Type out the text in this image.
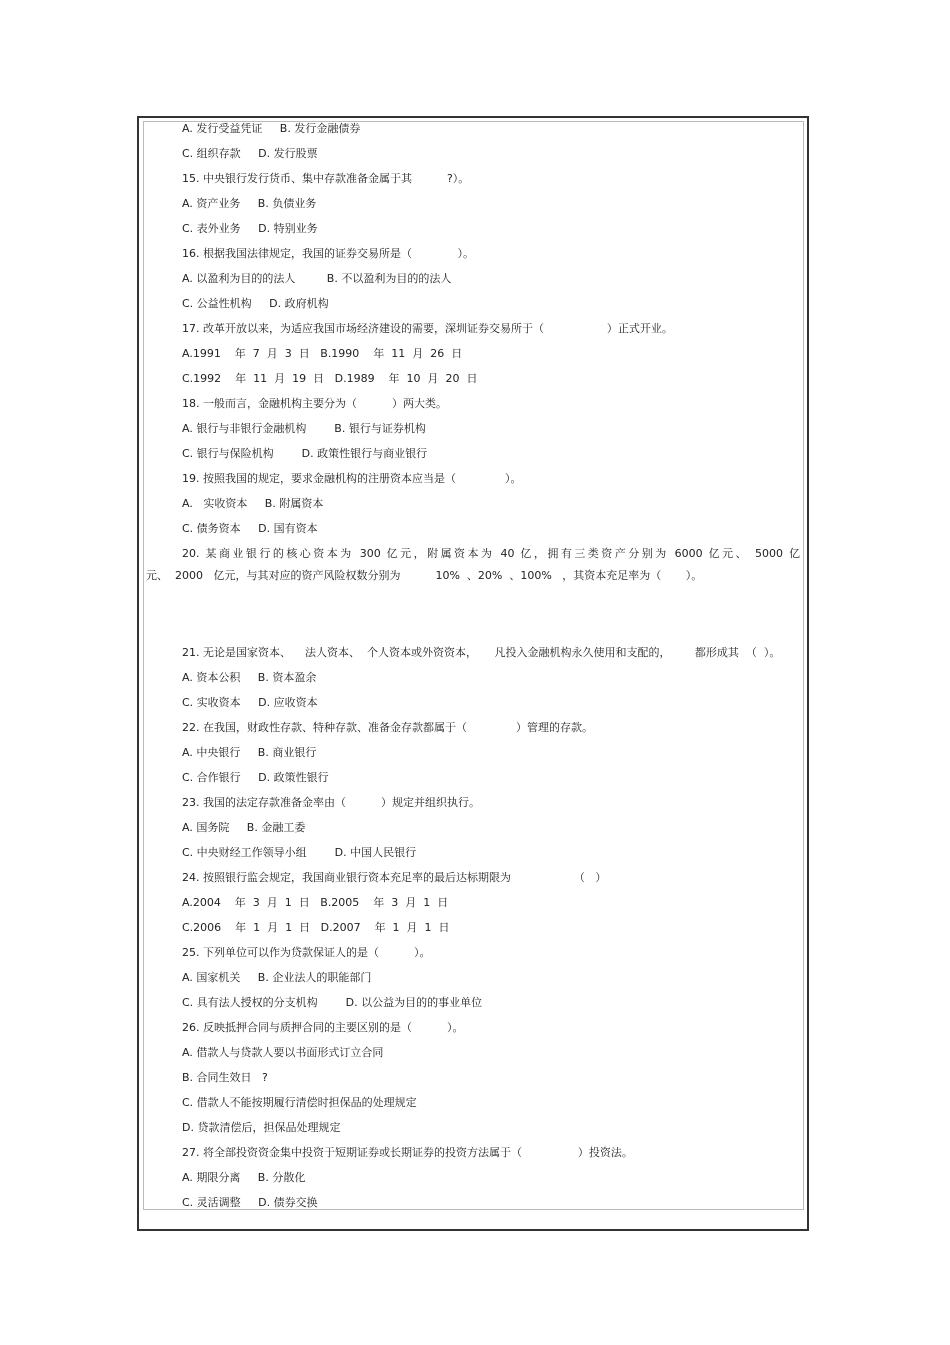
A. 发行受益凭证     B. 发行金融债券
C. 组织存款     D. 发行股票
15. 中央银行发行货币、集中存款准备金属于其          ?）。
A. 资产业务     B. 负债业务
C. 表外业务     D. 特别业务
16. 根据我国法律规定，我国的证券交易所是（             ）。
A. 以盈利为目的的法人         B. 不以盈利为目的的法人
C. 公益性机构     D. 政府机构
17. 改革开放以来，为适应我国市场经济建设的需要，深圳证券交易所于（                  ）正式开业。
A.1991    年  7  月  3  日   B.1990    年  11  月  26  日
C.1992    年  11  月  19  日   D.1989    年  10  月  20  日
18. 一般而言，金融机构主要分为（          ）两大类。
A. 银行与非银行金融机构        B. 银行与证券机构
C. 银行与保险机构        D. 政策性银行与商业银行
19. 按照我国的规定，要求金融机构的注册资本应当是（              ）。
A.   实收资本     B. 附属资本
C. 债务资本     D. 国有资本
20. 某商业银行的核心资本为 300 亿元，附属资本为 40 亿，拥有三类资产分别为 6000 亿元、 5000 亿
元、  2000   亿元，与其对应的资产风险权数分别为          10%  、20%  、100%   ，其资本充足率为（       ）。
21. 无论是国家资本、    法人资本、  个人资本或外资资本，     凡投入金融机构永久使用和支配的，       都形成其  （  ）。
A. 资本公积     B. 资本盈余
C. 实收资本     D. 应收资本
22. 在我国，财政性存款、特种存款、准备金存款都属于（              ）管理的存款。
A. 中央银行     B. 商业银行
C. 合作银行     D. 政策性银行
23. 我国的法定存款准备金率由（          ）规定并组织执行。
A. 国务院     B. 金融工委
C. 中央财经工作领导小组        D. 中国人民银行
24. 按照银行监会规定，我国商业银行资本充足率的最后达标期限为                  （   ）
A.2004    年  3  月  1  日   B.2005    年  3  月  1  日
C.2006    年  1  月  1  日   D.2007    年  1  月  1  日
25. 下列单位可以作为贷款保证人的是（          ）。
A. 国家机关     B. 企业法人的职能部门
C. 具有法人授权的分支机构        D. 以公益为目的的事业单位
26. 反映抵押合同与质押合同的主要区别的是（          ）。
A. 借款人与贷款人要以书面形式订立合同
B. 合同生效日   ?
C. 借款人不能按期履行清偿时担保品的处理规定
D. 贷款清偿后，担保品处理规定
27. 将全部投资资金集中投资于短期证券或长期证券的投资方法属于（                ）投资法。
A. 期限分离     B. 分散化
C. 灵活调整     D. 债券交换
